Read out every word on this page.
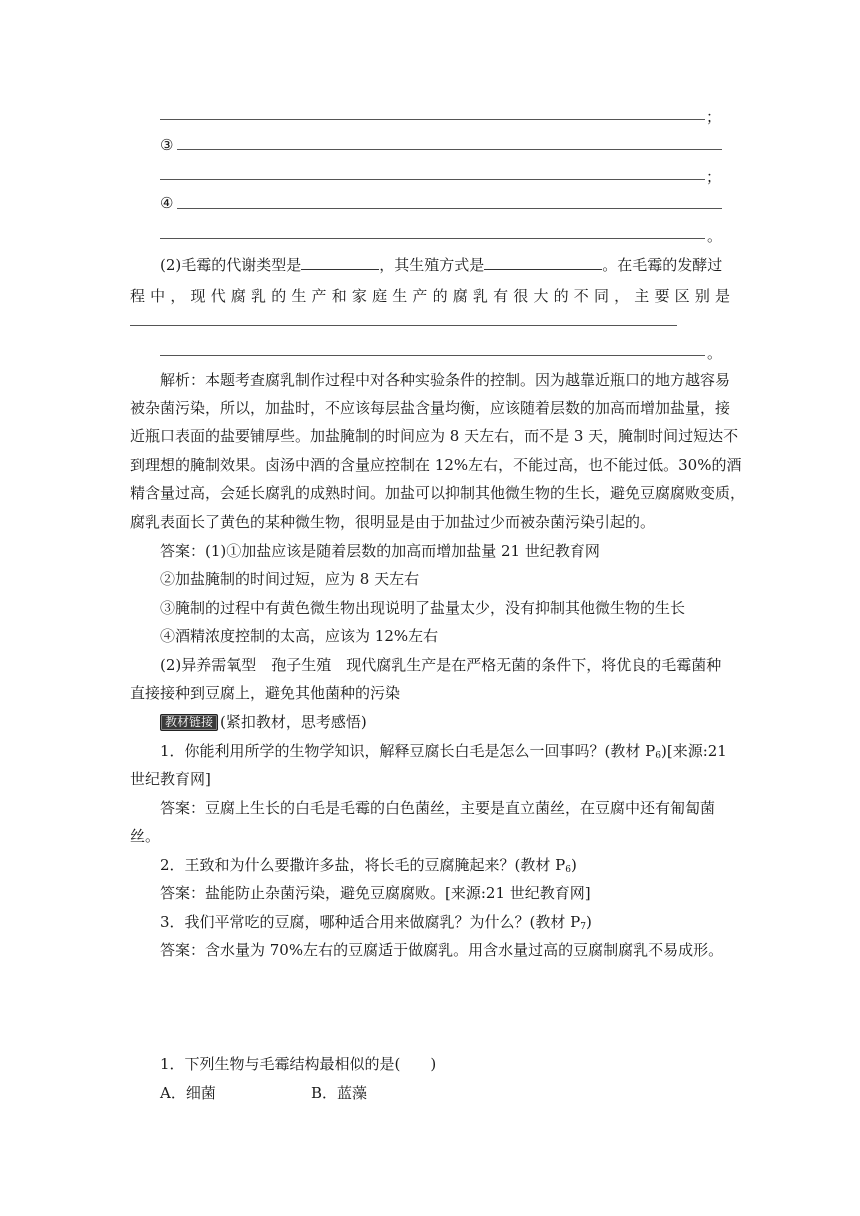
；
③
；
④
。
(2)毛霉的代谢类型是	，其生殖方式是	。在毛霉的发酵过
程 中 ， 现 代 腐 乳 的 生 产 和 家 庭 生 产 的 腐 乳 有 很 大 的 不 同 ， 主 要 区 别 是
。
解析：本题考查腐乳制作过程中对各种实验条件的控制。因为越靠近瓶口的地方越容易
被杂菌污染，所以，加盐时，不应该每层盐含量均衡，应该随着层数的加高而增加盐量，接
近瓶口表面的盐要铺厚些。加盐腌制的时间应为 8 天左右，而不是 3 天，腌制时间过短达不
到理想的腌制效果。卤汤中酒的含量应控制在 12%左右，不能过高，也不能过低。30%的酒
精含量过高，会延长腐乳的成熟时间。加盐可以抑制其他微生物的生长，避免豆腐腐败变质，
腐乳表面长了黄色的某种微生物，很明显是由于加盐过少而被杂菌污染引起的。
答案：(1)①加盐应该是随着层数的加高而增加盐量 21 世纪教育网
②加盐腌制的时间过短，应为 8 天左右
③腌制的过程中有黄色微生物出现说明了盐量太少，没有抑制其他微生物的生长
④酒精浓度控制的太高，应该为 12%左右
(2)异养需氧型　孢子生殖　现代腐乳生产是在严格无菌的条件下，将优良的毛霉菌种
直接接种到豆腐上，避免其他菌种的污染
教材链接 (紧扣教材，思考感悟)
1．你能利用所学的生物学知识，解释豆腐长白毛是怎么一回事吗？(教材 $P_6$)[来源:21
世纪教育网]
答案：豆腐上生长的白毛是毛霉的白色菌丝，主要是直立菌丝，在豆腐中还有匍匐菌
丝。
2．王致和为什么要撒许多盐，将长毛的豆腐腌起来？(教材 $P_6$)
答案：盐能防止杂菌污染，避免豆腐腐败。[来源:21 世纪教育网]
3．我们平常吃的豆腐，哪种适合用来做腐乳？为什么？(教材 $P_7$)
答案：含水量为 70%左右的豆腐适于做腐乳。用含水量过高的豆腐制腐乳不易成形。
1．下列生物与毛霉结构最相似的是(　　)
A．细菌	B．蓝藻
